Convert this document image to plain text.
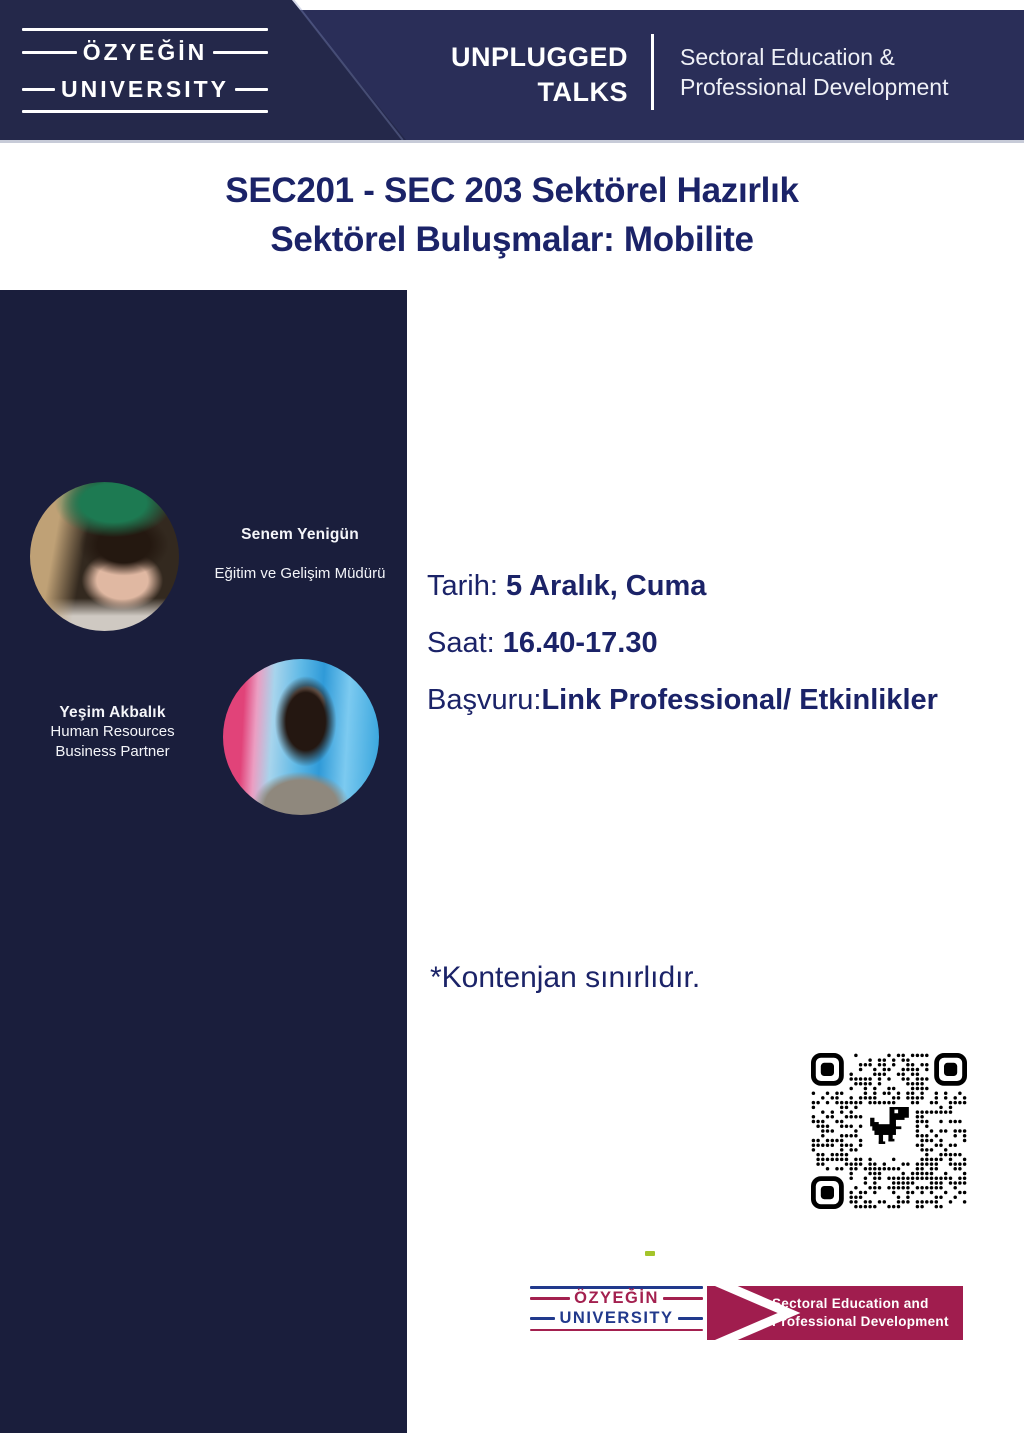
ÖZYEĞİN
UNIVERSITY
UNPLUGGED
TALKS
Sectoral Education &
Professional Development
SEC201 - SEC 203 Sektörel Hazırlık
Sektörel Buluşmalar: Mobilite
Senem Yenigün
Eğitim ve Gelişim Müdürü
Yeşim Akbalık
Human Resources
Business Partner
Tarih: 5 Aralık, Cuma
Saat: 16.40-17.30
Başvuru:Link Professional/ Etkinlikler
*Kontenjan sınırlıdır.
ÖZYEĞİN
UNIVERSITY
Sectoral Education and
Professional Development
